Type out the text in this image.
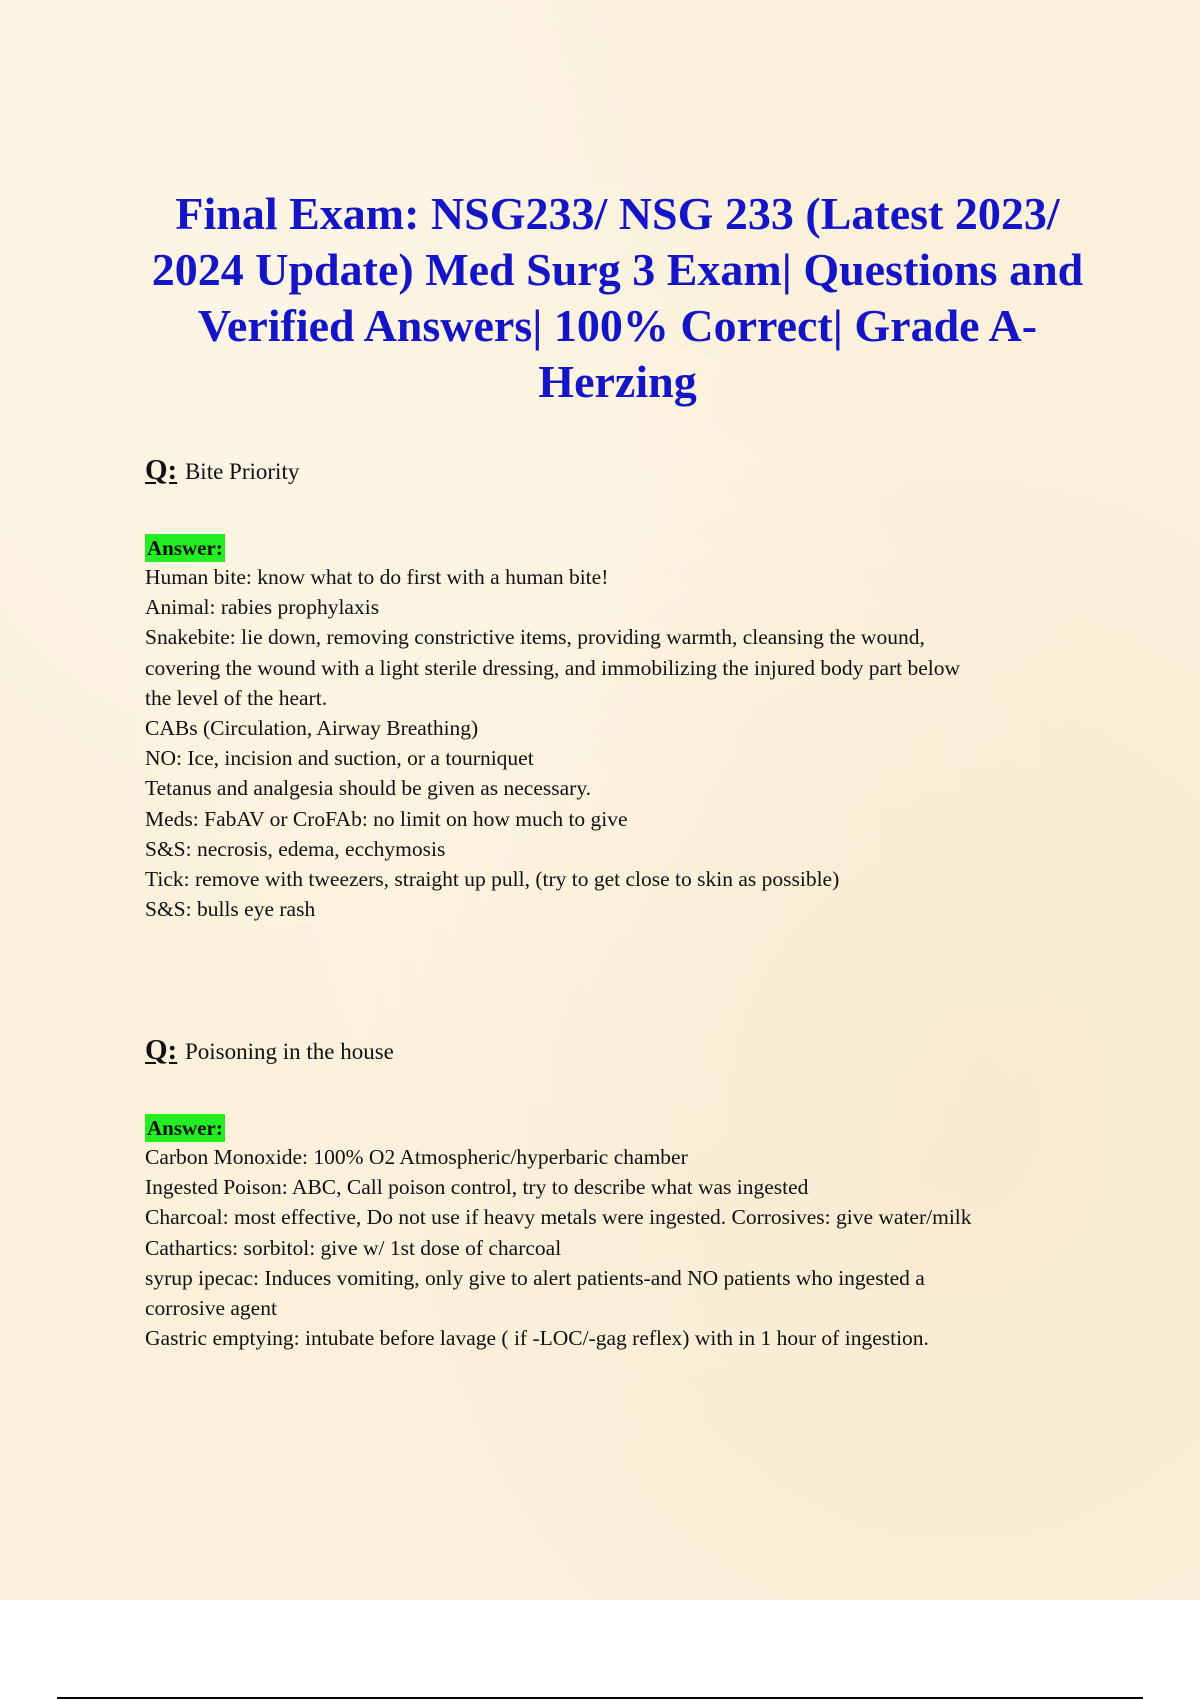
Final Exam: NSG233/ NSG 233 (Latest 2023/ 2024 Update) Med Surg 3 Exam| Questions and Verified Answers| 100% Correct| Grade A- Herzing

Q: Bite Priority

Answer:
Human bite: know what to do first with a human bite!
Animal: rabies prophylaxis
Snakebite: lie down, removing constrictive items, providing warmth, cleansing the wound,
covering the wound with a light sterile dressing, and immobilizing the injured body part below
the level of the heart.
CABs (Circulation, Airway Breathing)
NO: Ice, incision and suction, or a tourniquet
Tetanus and analgesia should be given as necessary.
Meds: FabAV or CroFAb: no limit on how much to give
S&S: necrosis, edema, ecchymosis
Tick: remove with tweezers, straight up pull, (try to get close to skin as possible)
S&S: bulls eye rash

Q: Poisoning in the house

Answer:
Carbon Monoxide: 100% O2 Atmospheric/hyperbaric chamber
Ingested Poison: ABC, Call poison control, try to describe what was ingested
Charcoal: most effective, Do not use if heavy metals were ingested. Corrosives: give water/milk
Cathartics: sorbitol: give w/ 1st dose of charcoal
syrup ipecac: Induces vomiting, only give to alert patients-and NO patients who ingested a
corrosive agent
Gastric emptying: intubate before lavage ( if -LOC/-gag reflex) with in 1 hour of ingestion.
